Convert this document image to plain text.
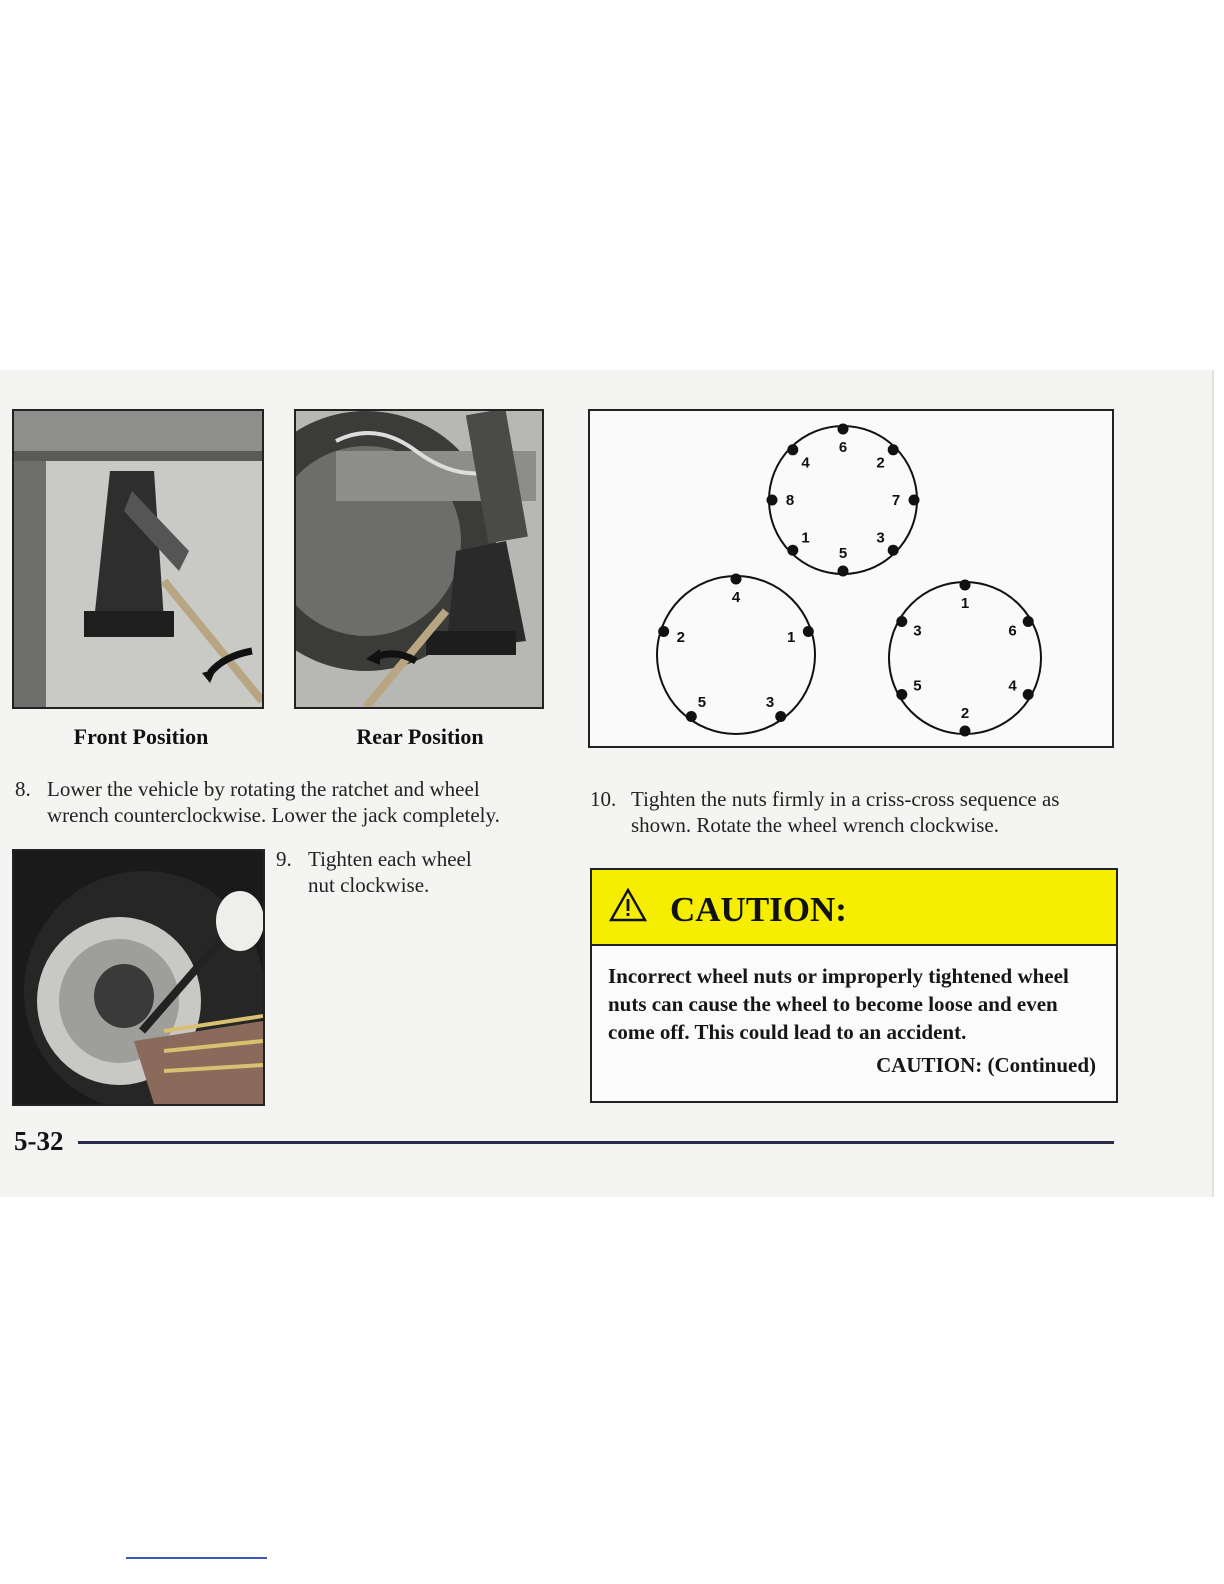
Front Position	Rear Position
8. Lower the vehicle by rotating the ratchet and wheel wrench counterclockwise. Lower the jack completely.
9. Tighten each wheel nut clockwise.
6
2
7
3
5
1
8
4
4
1
3
5
2
1
6
4
2
5
3
10. Tighten the nuts firmly in a criss-cross sequence as shown. Rotate the wheel wrench clockwise.
CAUTION:
Incorrect wheel nuts or improperly tightened wheel nuts can cause the wheel to become loose and even come off. This could lead to an accident.
CAUTION: (Continued)
5-32
